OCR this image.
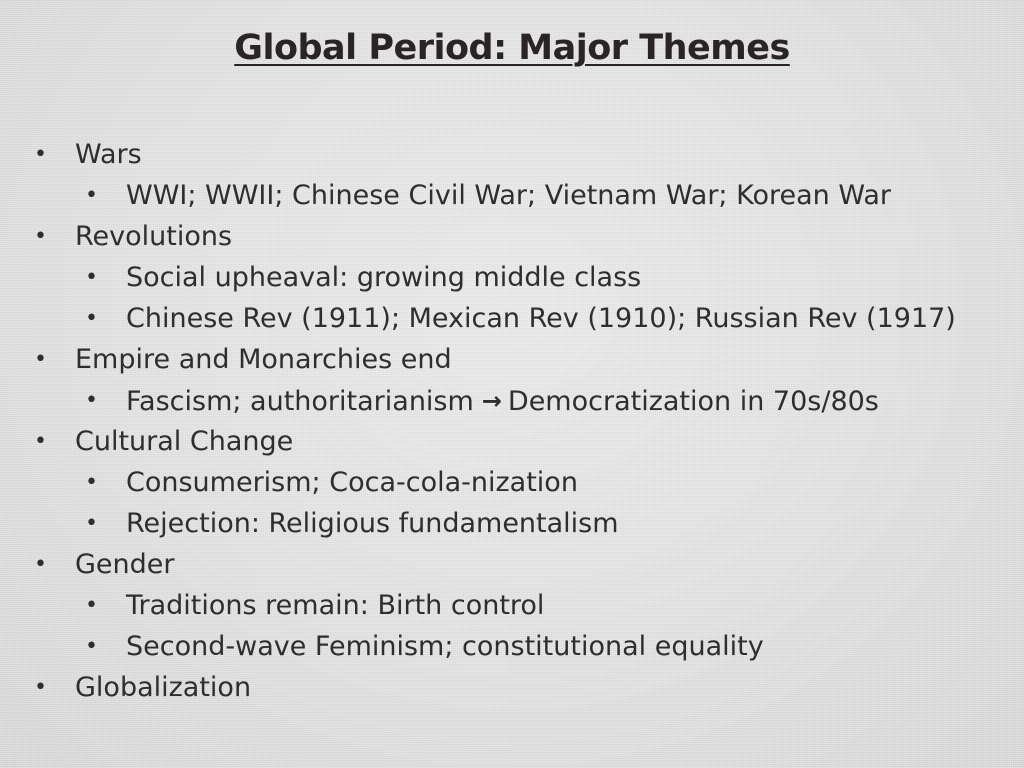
Global Period: Major Themes
• Wars
• WWI; WWII; Chinese Civil War; Vietnam War; Korean War
• Revolutions
• Social upheaval: growing middle class
• Chinese Rev (1911); Mexican Rev (1910); Russian Rev (1917)
• Empire and Monarchies end
• Fascism; authoritarianism → Democratization in 70s/80s
• Cultural Change
• Consumerism; Coca-cola-nization
• Rejection: Religious fundamentalism
• Gender
• Traditions remain: Birth control
• Second-wave Feminism; constitutional equality
• Globalization
